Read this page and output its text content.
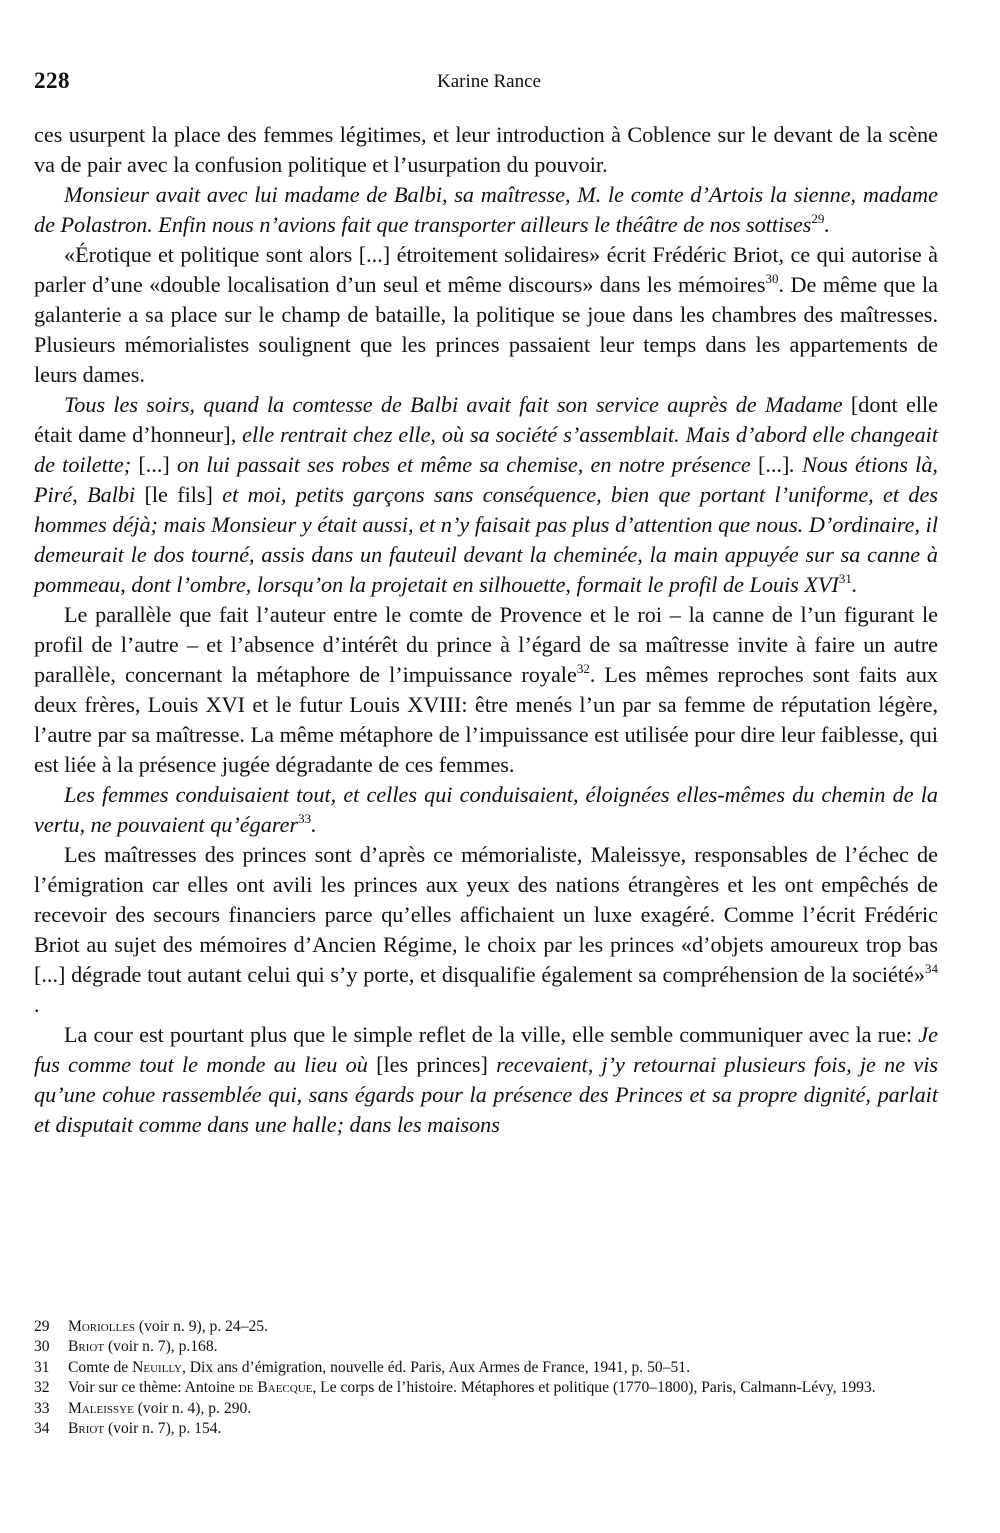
228	Karine Rance

ces usurpent la place des femmes légitimes, et leur introduction à Coblence sur le devant de la scène va de pair avec la confusion politique et l’usurpation du pouvoir.

Monsieur avait avec lui madame de Balbi, sa maîtresse, M. le comte d’Artois la sienne, madame de Polastron. Enfin nous n’avions fait que transporter ailleurs le théâtre de nos sottises$^{29}$.

«Érotique et politique sont alors [...] étroitement solidaires» écrit Frédéric Briot, ce qui autorise à parler d’une «double localisation d’un seul et même discours» dans les mémoires$^{30}$. De même que la galanterie a sa place sur le champ de bataille, la politique se joue dans les chambres des maîtresses. Plusieurs mémorialistes soulignent que les princes passaient leur temps dans les appartements de leurs dames.

Tous les soirs, quand la comtesse de Balbi avait fait son service auprès de Madame [dont elle était dame d’honneur], elle rentrait chez elle, où sa société s’assemblait. Mais d’abord elle changeait de toilette; [...] on lui passait ses robes et même sa chemise, en notre présence [...]. Nous étions là, Piré, Balbi [le fils] et moi, petits garçons sans conséquence, bien que portant l’uniforme, et des hommes déjà; mais Monsieur y était aussi, et n’y faisait pas plus d’attention que nous. D’ordinaire, il demeurait le dos tourné, assis dans un fauteuil devant la cheminée, la main appuyée sur sa canne à pommeau, dont l’ombre, lorsqu’on la projetait en silhouette, formait le profil de Louis XVI$^{31}$.

Le parallèle que fait l’auteur entre le comte de Provence et le roi – la canne de l’un figurant le profil de l’autre – et l’absence d’intérêt du prince à l’égard de sa maîtresse invite à faire un autre parallèle, concernant la métaphore de l’impuissance royale$^{32}$. Les mêmes reproches sont faits aux deux frères, Louis XVI et le futur Louis XVIII: être menés l’un par sa femme de réputation légère, l’autre par sa maîtresse. La même métaphore de l’impuissance est utilisée pour dire leur faiblesse, qui est liée à la présence jugée dégradante de ces femmes.

Les femmes conduisaient tout, et celles qui conduisaient, éloignées elles-mêmes du chemin de la vertu, ne pouvaient qu’égarer$^{33}$.

Les maîtresses des princes sont d’après ce mémorialiste, Maleissye, responsables de l’échec de l’émigration car elles ont avili les princes aux yeux des nations étrangères et les ont empêchés de recevoir des secours financiers parce qu’elles affichaient un luxe exagéré. Comme l’écrit Frédéric Briot au sujet des mémoires d’Ancien Régime, le choix par les princes «d’objets amoureux trop bas [...] dégrade tout autant celui qui s’y porte, et disqualifie également sa compréhension de la société»$^{34}$ .

La cour est pourtant plus que le simple reflet de la ville, elle semble communiquer avec la rue: Je fus comme tout le monde au lieu où [les princes] recevaient, j’y retournai plusieurs fois, je ne vis qu’une cohue rassemblée qui, sans égards pour la présence des Princes et sa propre dignité, parlait et disputait comme dans une halle; dans les maisons

29 Moriolles (voir n. 9), p. 24–25.
30 Briot (voir n. 7), p.168.
31 Comte de Neuilly, Dix ans d’émigration, nouvelle éd. Paris, Aux Armes de France, 1941, p. 50–51.
32 Voir sur ce thème: Antoine de Baecque, Le corps de l’histoire. Métaphores et politique (1770–1800), Paris, Calmann-Lévy, 1993.
33 Maleissye (voir n. 4), p. 290.
34 Briot (voir n. 7), p. 154.
